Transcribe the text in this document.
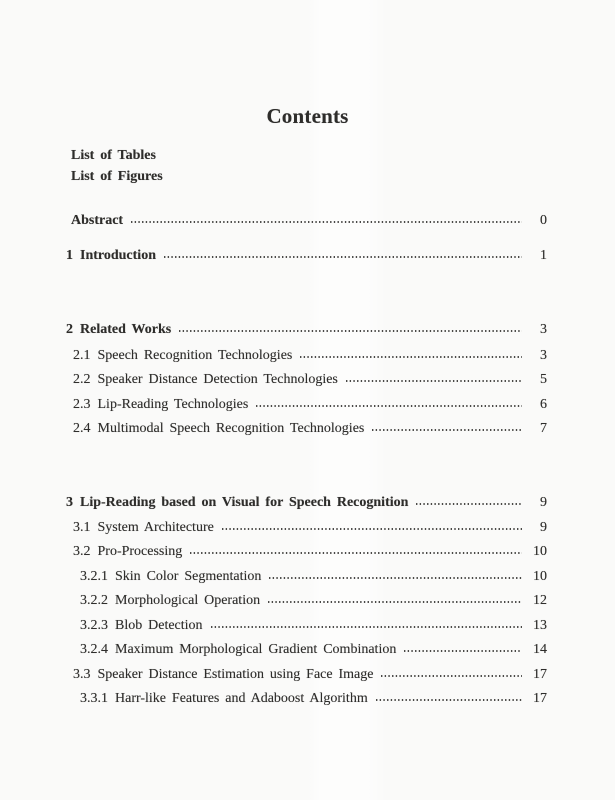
Contents
List of Tables
List of Figures
Abstract	0
1 Introduction	1
2 Related Works	3
2.1 Speech Recognition Technologies	3
2.2 Speaker Distance Detection Technologies	5
2.3 Lip-Reading Technologies	6
2.4 Multimodal Speech Recognition Technologies	7
3 Lip-Reading based on Visual for Speech Recognition	9
3.1 System Architecture	9
3.2 Pro-Processing	10
3.2.1 Skin Color Segmentation	10
3.2.2 Morphological Operation	12
3.2.3 Blob Detection	13
3.2.4 Maximum Morphological Gradient Combination	14
3.3 Speaker Distance Estimation using Face Image	17
3.3.1 Harr-like Features and Adaboost Algorithm	17
